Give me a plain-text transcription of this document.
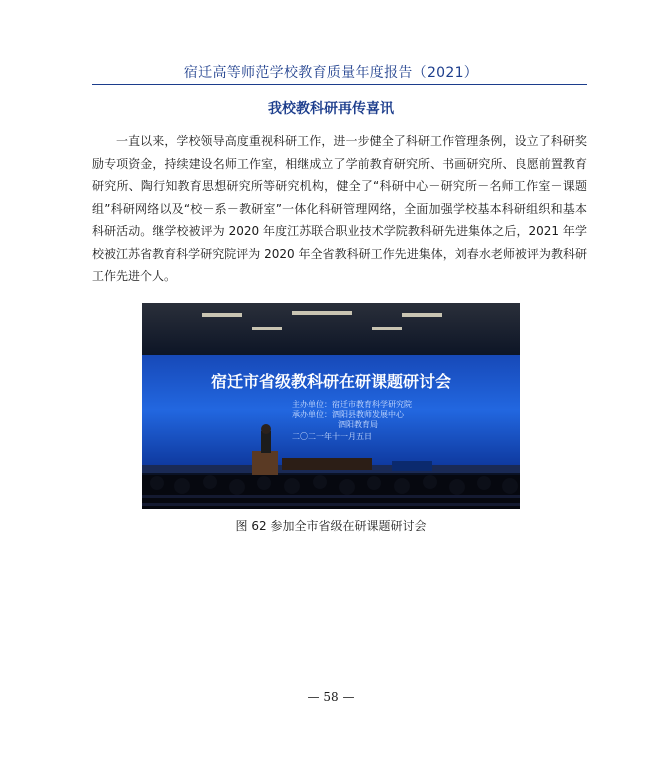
宿迁高等师范学校教育质量年度报告（2021）
我校教科研再传喜讯

一直以来，学校领导高度重视科研工作，进一步健全了科研工作管理条例，设立了科研奖励专项资金，持续建设名师工作室，相继成立了学前教育研究所、书画研究所、良愿前置教育研究所、陶行知教育思想研究所等研究机构，健全了“科研中心－研究所－名师工作室－课题组”科研网络以及“校－系－教研室”一体化科研管理网络，全面加强学校基本科研组织和基本科研活动。继学校被评为 2020 年度江苏联合职业技术学院教科研先进集体之后，2021 年学校被江苏省教育科学研究院评为 2020 年全省教科研工作先进集体，刘春水老师被评为教科研工作先进个人。

宿迁市省级教科研在研课题研讨会
主办单位：宿迁市教育科学研究院
承办单位：泗阳县教师发展中心
泗阳教育局
二〇二一年十一月五日
图 62 参加全市省级在研课题研讨会
— 58 —
